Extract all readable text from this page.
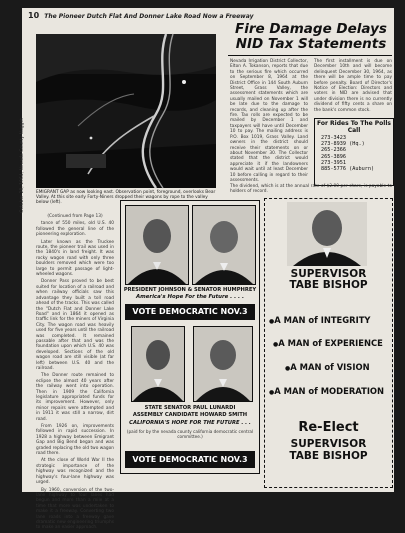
10 The Pioneer Dutch Flat And Donner Lake Road Now a Freeway
October 28, 1964, Nevada County Nugget	EMIGRANT GAP as now looking east. Observation point, foreground, overlooks Bear Valley. At this site early Forty-Niners dropped their wagons by rope to the valley below (left).
(Continued from Page 13)

tance of 550 miles, old U.S. 40 followed the general line of the pioneering exploration.

Later known as the Truckee route, the pioneer trail was used in the 1840's in land freight. It was rocky wagon road with only three boulders removed which were too large to permit passage of light-wheeled wagons.

Donner Pass proved to be best suited for location of a railroad and when railway officials saw this advantage they built a toll road ahead of the tracks. This was called the "Dutch Flat and Donner Lake Road" and in 1864 it opened as traffic link for the miners of Virginia City. The wagon road was heavily used for five years until the railroad was completed. It remained passable after that and was the foundation upon which U.S. 40 was developed. Sections of the old wagon road are still visible (at far left) between U.S. 40 and the railroad.

The Donner route remained to eclipse the almost 40 years after the railway went into operation. Then in 1909 the California legislature appropriated funds for its improvement. However, only minor repairs were attempted and in 1911 it was still a narrow, dirt road.

From 1926 on, improvements followed in rapid succession. In 1928 a highway between Emigrant Gap and Big Bend began and was graded replacing the old two wagon road there.

At the close of World War II the strategic importance of the highway was recognized and the highway's four-lane highway was urged.

By 1960, conversion of the two-lane highway to four lanes had begun and more than a mile at a time that more was undertaken to make it a freeway. Converting two lane roads into a freeway gave dramatic new engineering triumphs to make an easier approach.

Fire Damage Delays NID Tax Statements
Nevada Irrigation District Collector, Elton A. Tokanson, reports that due to the serious fire which occurred on September 8, 1964 at the District Office in 144 South Auburn Street, Grass Valley, the assessment statements which are usually mailed on November 1 will be late due to the damage to records, and cleaning up after the fire. Tax rolls are expected to be mailed by December 1 and taxpayers will have until December 10 to pay. The mailing address is P.O. Box 1019, Grass Valley. Land owners in the district should receive their statements on or about November 30. The Collector stated that the district would appreciate it if the landowners would wait until at least December 10 before calling in regard to their assessments.
The first installment is due on December 10th and will become delinquent December 30, 1964, as there will be ample time to pay before penalty. Board of Director's Notice of Election: Directors and voters in NID are advised that under division there is no currently dividend of fifty cents a share on the bank's common stock.
For Rides To The Polls Call
273-3423
273-8939 (Hq.)
265-2366
265-3896
273-3951
885-5776 (Auburn)
The dividend, which is at the annual rate of $2.00 per share, is payable to holders of record.
PRESIDENT JOHNSON & SENATOR HUMPHREY
America's Hope For the Future . . . .
VOTE DEMOCRATIC NOV.3
STATE SENATOR PAUL LUNARDI
ASSEMBLY CANDIDATE HOWARD SMITH
CALIFORNIA'S HOPE FOR THE FUTURE . . .
(paid for by the nevada county california democratic central committee.)
VOTE DEMOCRATIC NOV.3
SUPERVISOR
TABE BISHOP
●A MAN of INTEGRITY
●A MAN of EXPERIENCE
●A MAN of VISION
●A MAN of MODERATION
Re-Elect
SUPERVISOR
TABE BISHOP
